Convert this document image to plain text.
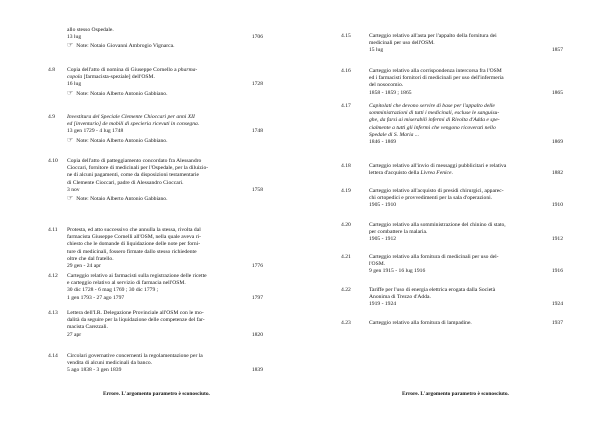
allo stesso Ospedale.
13 lug	1706
☞ Note: Notaio Giovanni Ambrogio Vignarca.
4.8 Copia dell'atto di nomina di Giuseppe Cornello a pharma-
copola [farmacista-speziale] dell'OSM.
16 lug	1728
☞ Note: Notaio Alberto Antonio Gabbiano.
4.9 Investitura del Speciale Clemente Chioccari per anni XII
ed [inventario] de mobili di specieria ricevuti in consegna.
13 gen 1729 - 4 lug 1748	1748
☞ Note: Notaio Alberto Antonio Gabbiano.
4.10 Copia dell'atto di patteggiamento concordato fra Alessandro
Cioccari, fornitore di medicinali per l'Ospedale, per la diluizio-
ne di alcuni pagamenti, come da disposizioni testamentarie
di Clemente Cioccari, padre di Alessandro Cioccari.
3 nov	1758
☞ Note: Notaio Alberto Antonio Gabbiano.
4.11 Protesta, ed atto successivo che annulla la stessa, rivolta dal
farmacista Giuseppe Cornelli all'OSM, nella quale aveva ri-
chiesto che le domande di liquidazione delle note per forni-
ture di medicinali, fossero firmate dallo stesso richiedente
oltre che dal fratello.
29 gen - 24 apr	1776
4.12 Carteggio relativo ai farmacisti sulla registrazione delle ricette
e carteggio relativo al servizio di farmacia nell'OSM.
30 dic 1728 - 6 mag 1769 ; 30 dic 1779 ;
1 gen 1793 - 27 ago 1797	1797
4.13 Lettera dell'I.R. Delegazione Provinciale all'OSM con le mo-
dalità da seguire per la liquidazione delle competenze del far-
macista Carezzali.
27 apr	1820
4.14 Circolari governative concernenti la regolamentazione per la
vendita di alcuni medicinali da banco.
5 ago 1838 - 3 gen 1839	1839
Errore. L'argomento parametro è sconosciuto.
4.15	Carteggio relativo all'asta per l'appalto della fornitura dei
medicinali per uso dell'OSM.
15 lug	1857
4.16	Carteggio relativo alla corrispondenza intercorsa fra l'OSM
ed i farmacisti fornitori di medicinali per uso dell'infermeria
del nosocomio.
1858 - 1859 ; 1865	1865
4.17	Capitolati che devono servire di base per l'appalto delle
somministrazioni di tutti i medicinali, escluse le sanguisu-
ghe, da farsi ai miserabili infermi di Rivolta d'Adda e spe-
cialmente a tutti gli infermi che vengono ricoverati nello
Spedale di S. Maria ...
1846 - 1869	1869
4.18	Carteggio relativo all'invio di messaggi pubblicitari e relativa
lettera d'acquisto della Livrea Fenice.	1882
4.19	Carteggio relativo all'acquisto di presidi chirurgici, apparec-
chi ortopedici e provvedimenti per la sala d'operazioni.
1905 - 1910	1910
4.20	Carteggio relativo alla somministrazione del chinino di stato,
per combattere la malaria.
1905 - 1912	1912
4.21	Carteggio relativo alla fornitura di medicinali per uso del-
l'OSM.
9 gen 1915 - 16 lug 1916	1916
4.22	Tariffe per l'uso di energia elettrica erogata dalla Società
Anonima di Trezzo d'Adda.
1919 - 1924	1924
4.23	Carteggio relativo alla fornitura di lampadine.	1937
Errore. L'argomento parametro è sconosciuto.
